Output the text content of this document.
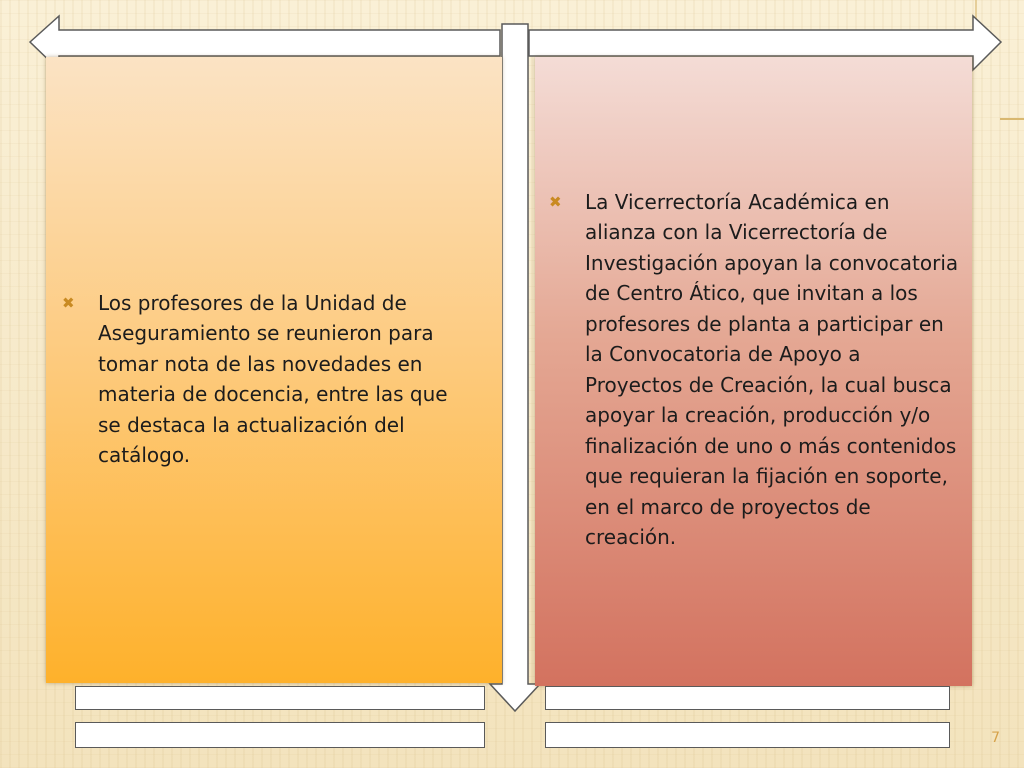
✖	Los profesores de la Unidad de Aseguramiento se reunieron para tomar nota de las novedades en materia de docencia, entre las que se destaca la actualización del catálogo.

✖	La Vicerrectoría Académica en alianza con la Vicerrectoría de Investigación apoyan la convocatoria de Centro Ático, que invitan a los profesores de planta a participar en la Convocatoria de Apoyo a Proyectos de Creación, la cual busca apoyar la creación, producción y/o finalización de uno o más contenidos que requieran la fijación en soporte, en el marco de proyectos de creación.

7
